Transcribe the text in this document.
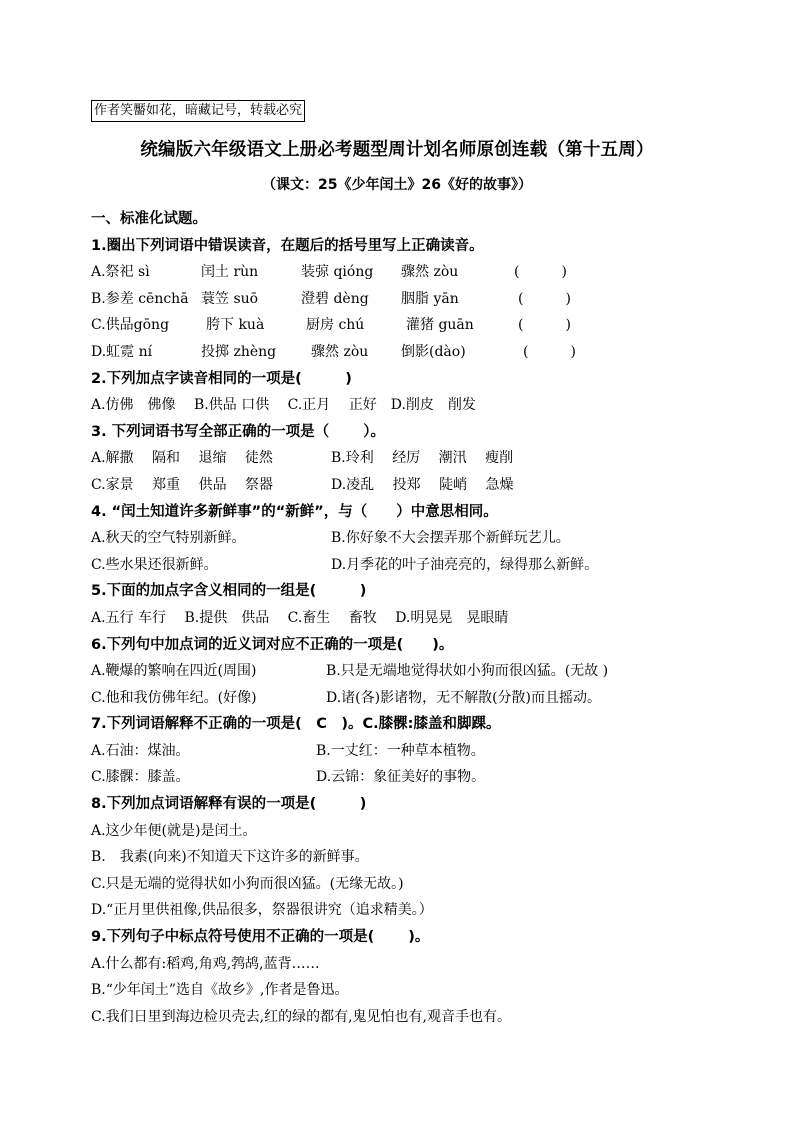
作者笑靨如花，暗藏记号，转载必究
统编版六年级语文上册必考题型周计划名师原创连载（第十五周）
（课文：25《少年闰土》26《好的故事》）
一、标准化试题。
1.圈出下列词语中错误读音，在题后的括号里写上正确读音。
A.祭祀 sì	闰土 rùn	装弶 qióng 骤然 zòu	(　　　)
B.参差 cēnchā 蓑笠 suō	澄碧 dèng 胭脂 yān	(　　　)
C.供品gōng	胯下 kuà	厨房 chú	灌猪 guān	(　　　)
D.虹霓 ní	投掷 zhèng 骤然 zòu 倒影(dào)	(　　　)
2.下列加点字读音相同的一项是(　　　)
A.仿佛　佛像　 B.供品 口供　 C.正月　 正好　D.削皮　削发
3. 下列词语书写全部正确的一项是（　　 ）。
A.解撒　 隔和　 退缩　 徒然	B.玲利　 经厉　 潮汛　 瘦削
C.家景　 郑重　 供品　 祭器	D.凌乱　 投郑　 陡峭　 急燥
4. “闰土知道许多新鲜事”的“新鲜”，与（　　）中意思相同。
A.秋天的空气特别新鲜。	B.你好象不大会摆弄那个新鲜玩艺儿。
C.些水果还很新鲜。	D.月季花的叶子油亮亮的，绿得那么新鲜。
5.下面的加点字含义相同的一组是(　　　)
A.五行 车行　 B.提供　供品　 C.畜生　 畜牧　 D.明晃晃　晃眼睛
6.下列句中加点词的近义词对应不正确的一项是(　　)。
A.鞭爆的繁响在四近(周围)	B.只是无端地觉得状如小狗而很凶猛。(无故 )
C.他和我仿佛年纪。(好像)	D.诸(各)影诸物，无不解散(分散)而且摇动。
7.下列词语解释不正确的一项是(　C　)。C.膝髁:膝盖和脚踝。
A.石油：煤油。	B.一丈红：一种草本植物。
C.膝髁：膝盖。	D.云锦：象征美好的事物。
8.下列加点词语解释有误的一项是(　　　)
A.这少年便(就是)是闰土。
B.　我素(向来)不知道天下这许多的新鲜事。
C.只是无端的觉得状如小狗而很凶猛。(无缘无故。)
D.“正月里供祖像,供品很多，祭器很讲究（追求精美。）
9.下列句子中标点符号使用不正确的一项是(　　 )。
A.什么都有:稻鸡,角鸡,鹁鸪,蓝背……
B.“少年闰土”选自《故乡》,作者是鲁迅。
C.我们日里到海边检贝壳去,红的绿的都有,鬼见怕也有,观音手也有。
